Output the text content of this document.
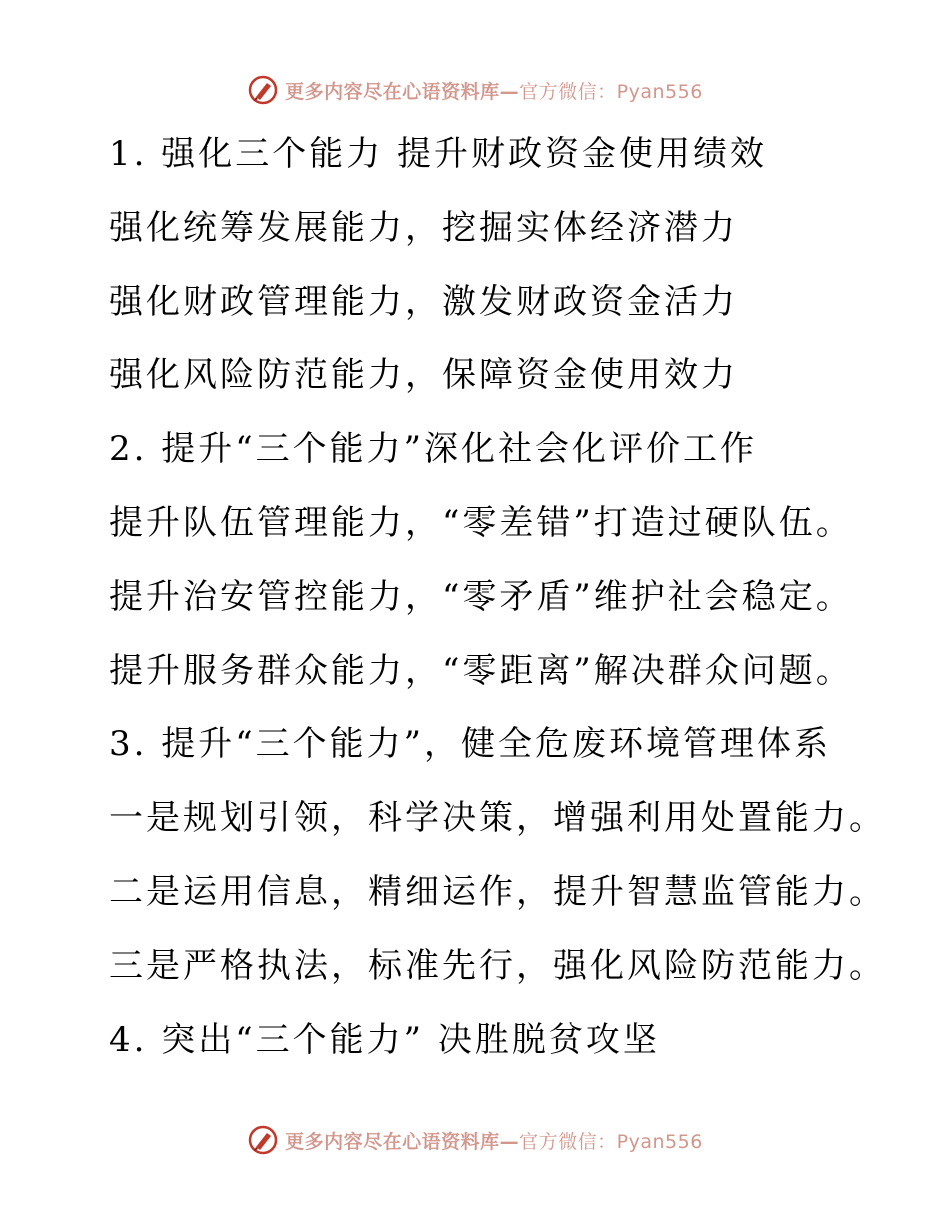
更多内容尽在心语资料库—官方微信：Pyan556
1. 强化三个能力 提升财政资金使用绩效
强化统筹发展能力，挖掘实体经济潜力
强化财政管理能力，激发财政资金活力
强化风险防范能力，保障资金使用效力
2. 提升“三个能力”深化社会化评价工作
提升队伍管理能力，“零差错”打造过硬队伍。
提升治安管控能力，“零矛盾”维护社会稳定。
提升服务群众能力，“零距离”解决群众问题。
3. 提升“三个能力”，健全危废环境管理体系
一是规划引领，科学决策，增强利用处置能力。
二是运用信息，精细运作，提升智慧监管能力。
三是严格执法，标准先行，强化风险防范能力。
4. 突出“三个能力” 决胜脱贫攻坚
更多内容尽在心语资料库—官方微信：Pyan556
